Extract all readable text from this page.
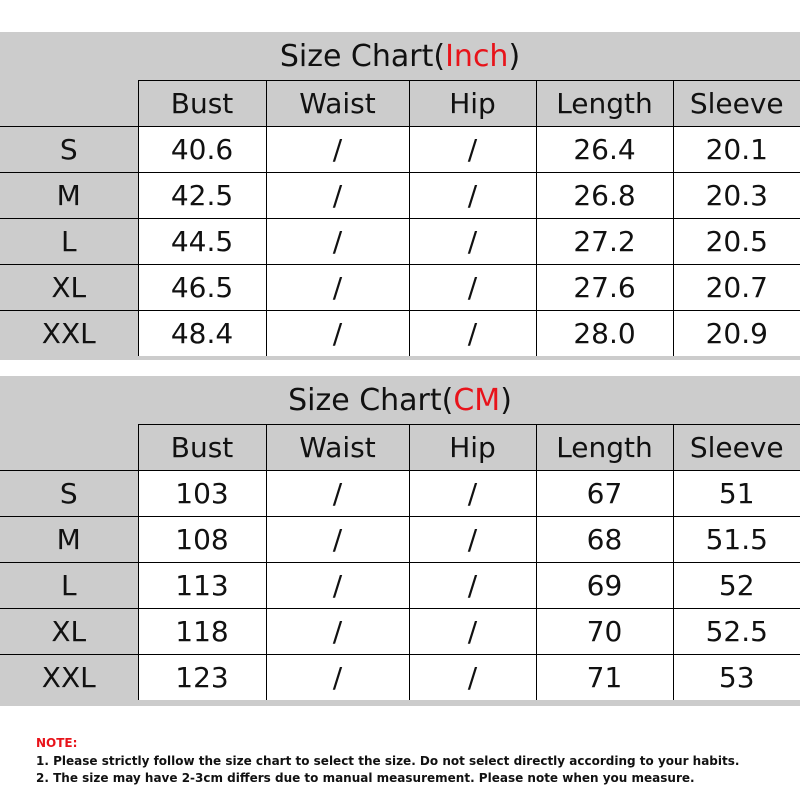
Size Chart(Inch)
	Bust	Waist	Hip	Length	Sleeve
S	40.6	/	/	26.4	20.1
M	42.5	/	/	26.8	20.3
L	44.5	/	/	27.2	20.5
XL	46.5	/	/	27.6	20.7
XXL	48.4	/	/	28.0	20.9
Size Chart(CM)
	Bust	Waist	Hip	Length	Sleeve
S	103	/	/	67	51
M	108	/	/	68	51.5
L	113	/	/	69	52
XL	118	/	/	70	52.5
XXL	123	/	/	71	53
NOTE:
1. Please strictly follow the size chart to select the size. Do not select directly according to your habits.
2. The size may have 2-3cm differs due to manual measurement. Please note when you measure.
